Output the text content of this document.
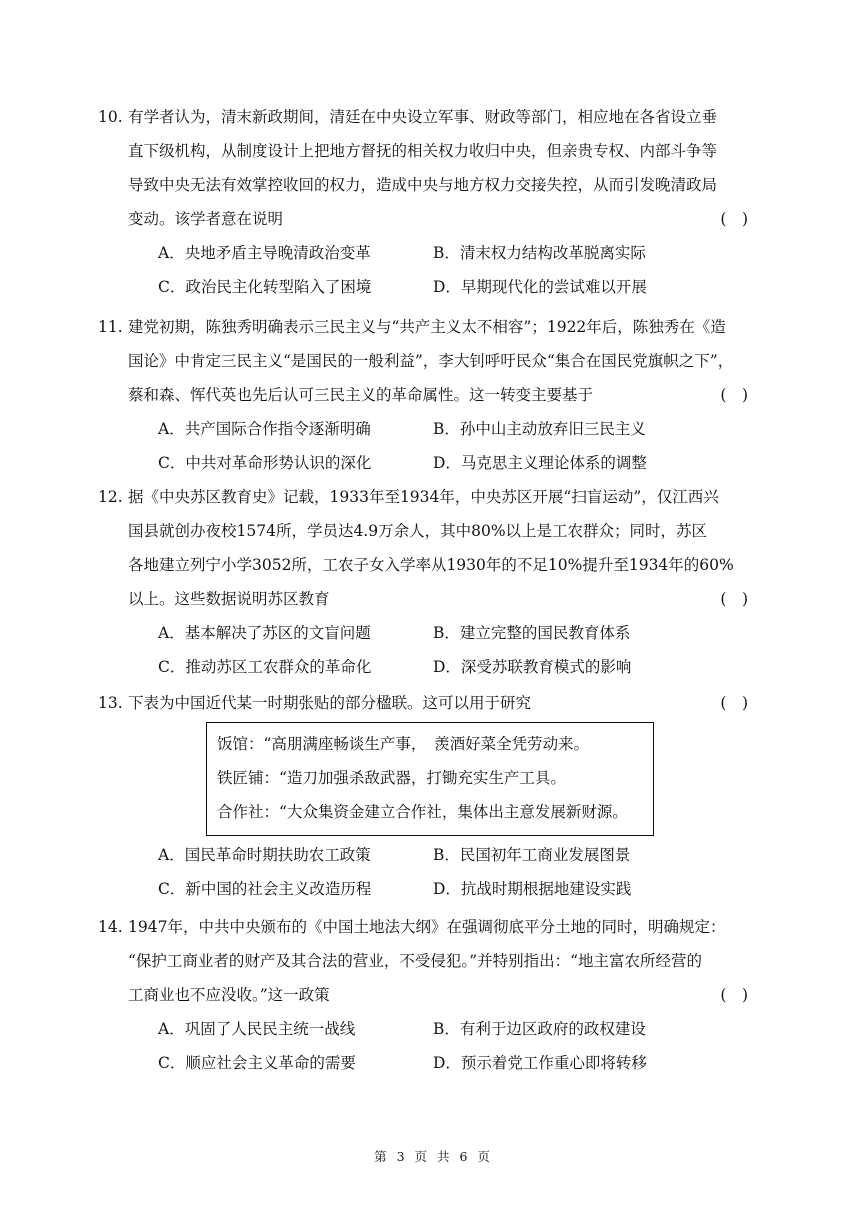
10. 有学者认为，清末新政期间，清廷在中央设立军事、财政等部门，相应地在各省设立垂
直下级机构，从制度设计上把地方督抚的相关权力收归中央，但亲贵专权、内部斗争等
导致中央无法有效掌控收回的权力，造成中央与地方权力交接失控，从而引发晚清政局
变动。该学者意在说明	(　)

A．央地矛盾主导晚清政治变革	B．清末权力结构改革脱离实际
C．政治民主化转型陷入了困境	D．早期现代化的尝试难以开展

11. 建党初期，陈独秀明确表示三民主义与“共产主义太不相容”；1922年后，陈独秀在《造
国论》中肯定三民主义“是国民的一般利益”，李大钊呼吁民众“集合在国民党旗帜之下”，
蔡和森、恽代英也先后认可三民主义的革命属性。这一转变主要基于	(　)

A．共产国际合作指令逐渐明确	B．孙中山主动放弃旧三民主义
C．中共对革命形势认识的深化	D．马克思主义理论体系的调整

12. 据《中央苏区教育史》记载，1933年至1934年，中央苏区开展“扫盲运动”，仅江西兴
国县就创办夜校1574所，学员达4.9万余人，其中80%以上是工农群众；同时，苏区
各地建立列宁小学3052所，工农子女入学率从1930年的不足10%提升至1934年的60%
以上。这些数据说明苏区教育	(　)

A．基本解决了苏区的文盲问题	B．建立完整的国民教育体系
C．推动苏区工农群众的革命化	D．深受苏联教育模式的影响

13. 下表为中国近代某一时期张贴的部分楹联。这可以用于研究	(　)

饭馆：“高朋满座畅谈生产事，　羡酒好菜全凭劳动来。
铁匠铺：“造刀加强杀敌武器，打锄充实生产工具。
合作社：“大众集资金建立合作社，集体出主意发展新财源。
A．国民革命时期扶助农工政策	B．民国初年工商业发展图景
C．新中国的社会主义改造历程	D．抗战时期根据地建设实践

14. 1947年，中共中央颁布的《中国土地法大纲》在强调彻底平分土地的同时，明确规定：
“保护工商业者的财产及其合法的营业，不受侵犯。”并特别指出：“地主富农所经营的
工商业也不应没收。”这一政策	(　)

A．巩固了人民民主统一战线	B．有利于边区政府的政权建设
C．顺应社会主义革命的需要	D．预示着党工作重心即将转移
第 3 页 共 6 页
